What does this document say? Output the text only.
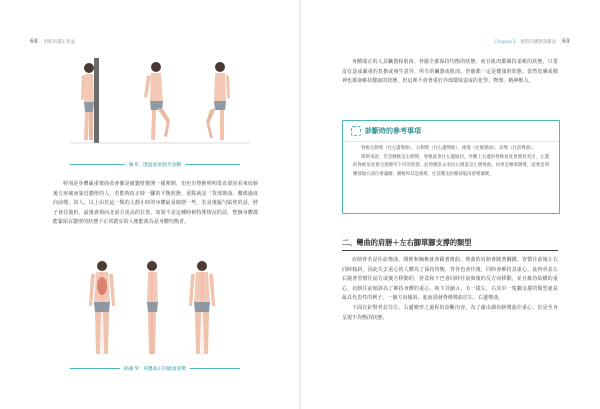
68 用肌肉矯正骨盆
圖 6：透過貼壁踏步診斷

特別是身體嚴重彎曲者會像是被牆壁推開一樣彈開，但也有脊椎明明很直卻因看來肩膀後方疼痛而靠近牆壁的人，若能夠改正時一腳的平衡狀態，重點就是「背部彎曲、腰部過度向前彎」的人，以上由於這一類的人靜止時的身體最易傾倒一些，若是後腦勺貼壁的話，脖子會往後折，最後會與向北前方更高的位置，如果不是這種時候特殊情況的話，整個身體都能緊貼在牆壁的狀態下正常踏步的人便能視為是身體均衡者。

插圖 9：身體端正的健康姿勢
Chapter3 預防的體態診斷法 69

身體端正的人其臟器和肌肉、骨骼全都保持均衡的狀態，而且肌肉都維持柔軟的狀態，只要沒有造成嚴重的負擔或發生意外，所有的臟器或肌肉、骨骼都一定是健康的狀態。當然皮膚或精神也都會維持健康的狀態，但這裡不會著重於外部環境造成的化學、物理、精神壓力。

診斷時的參考事項

脊椎左側彎（往左邊彎曲）、右側彎（往右邊彎曲）、後彎（往後彎曲）、前彎（往前彎曲）。

舉例來說，若是腰椎是右側彎，脊椎就會往左邊傾斜，外觀上右邊的脊椎角度會變寬突出，左邊的脊椎角度會呈現變窄下凹的狀態。此時應當去看向右側還是左側彎曲。如果是腰部側彎，就要追問腰部後方部位會讓腰、腰椎和其是後彎，往前壓迫的腰部肌肉會變僵硬。

二、彎曲的肩膀＋左右腳單腳支撐的類型

肩膀骨若是往前彎曲，頸椎和胸椎就會跟著彎曲，彎曲的肩膀會隨著腳踝，習慣往前後左右同時傾斜，因此失去重心的人體為了保持均衡，背骨也會往後，同時會維持其重心。此時骨盆左右隨著習慣往前方或後方移動的，骨盆和下巴會同時往前與後的反方向移動，並且維持結構的重心，肩膀往前傾斜為了維持身體的重心，和下頁圖Ａ、Ｂ一樣左，右其中一隻腳支撐的類型就是最具代表性的例子，一個方向傾斜，進而誘發脊椎彎曲往左、右邊彎曲。

下面有針對骨盆往左、右邊變形之過程的診斷內容，為了藉由調肩膀彎曲往重心，於是至身呈現不均衡的狀態。
